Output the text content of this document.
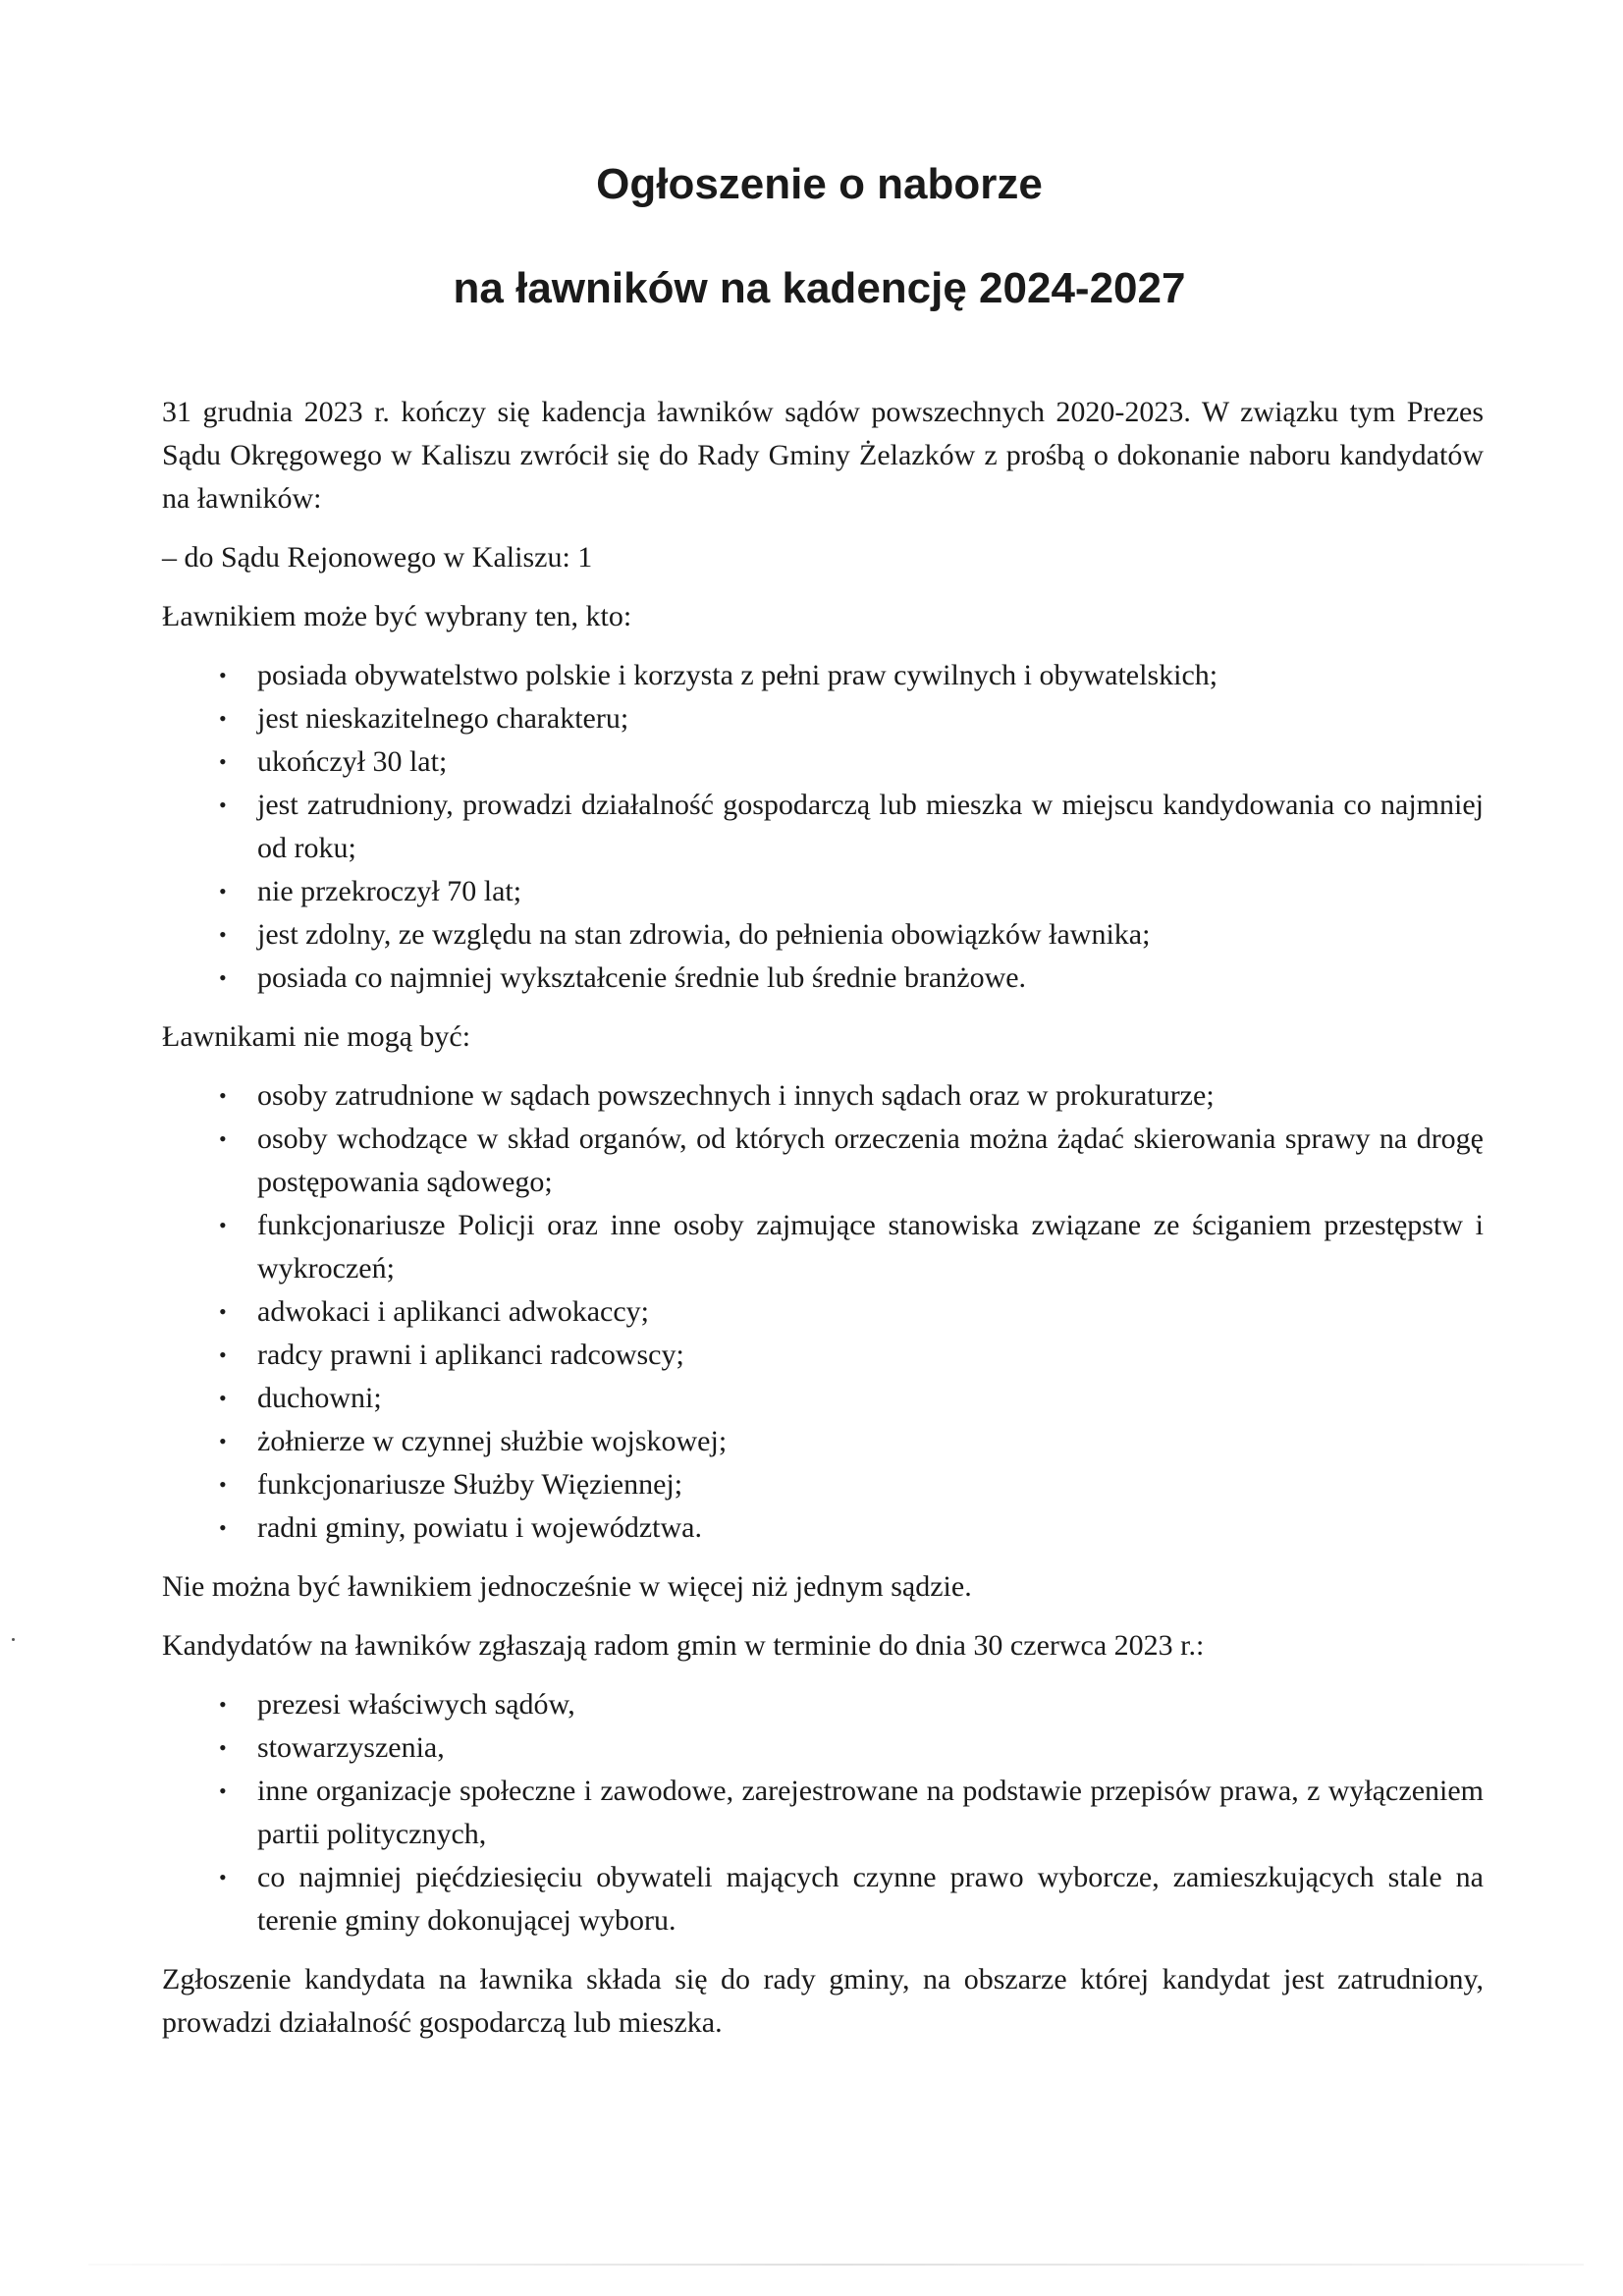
Ogłoszenie o naborze
na ławników na kadencję 2024-2027

31 grudnia 2023 r. kończy się kadencja ławników sądów powszechnych 2020-2023. W związku tym Prezes Sądu Okręgowego w Kaliszu zwrócił się do Rady Gminy Żelazków z prośbą o dokonanie naboru kandydatów na ławników:

– do Sądu Rejonowego w Kaliszu: 1

Ławnikiem może być wybrany ten, kto:

• posiada obywatelstwo polskie i korzysta z pełni praw cywilnych i obywatelskich;
• jest nieskazitelnego charakteru;
• ukończył 30 lat;
• jest zatrudniony, prowadzi działalność gospodarczą lub mieszka w miejscu kandydowania co najmniej od roku;
• nie przekroczył 70 lat;
• jest zdolny, ze względu na stan zdrowia, do pełnienia obowiązków ławnika;
• posiada co najmniej wykształcenie średnie lub średnie branżowe.

Ławnikami nie mogą być:

• osoby zatrudnione w sądach powszechnych i innych sądach oraz w prokuraturze;
• osoby wchodzące w skład organów, od których orzeczenia można żądać skierowania sprawy na drogę postępowania sądowego;
• funkcjonariusze Policji oraz inne osoby zajmujące stanowiska związane ze ściganiem przestępstw i wykroczeń;
• adwokaci i aplikanci adwokaccy;
• radcy prawni i aplikanci radcowscy;
• duchowni;
• żołnierze w czynnej służbie wojskowej;
• funkcjonariusze Służby Więziennej;
• radni gminy, powiatu i województwa.

Nie można być ławnikiem jednocześnie w więcej niż jednym sądzie.

Kandydatów na ławników zgłaszają radom gmin w terminie do dnia 30 czerwca 2023 r.:

• prezesi właściwych sądów,
• stowarzyszenia,
• inne organizacje społeczne i zawodowe, zarejestrowane na podstawie przepisów prawa, z wyłączeniem partii politycznych,
• co najmniej pięćdziesięciu obywateli mających czynne prawo wyborcze, zamieszkujących stale na terenie gminy dokonującej wyboru.

Zgłoszenie kandydata na ławnika składa się do rady gminy, na obszarze której kandydat jest zatrudniony, prowadzi działalność gospodarczą lub mieszka.
